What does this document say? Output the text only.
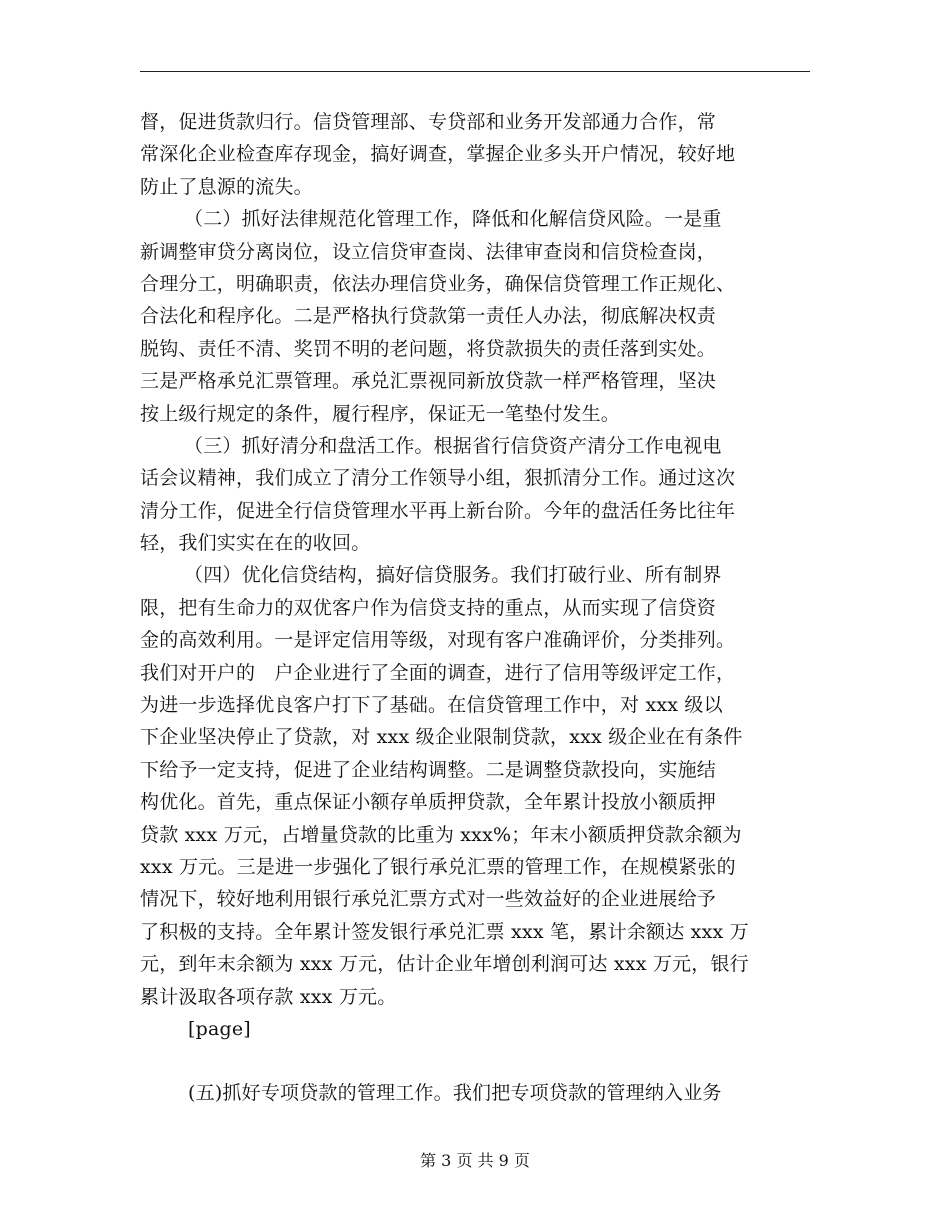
督，促进货款归行。信贷管理部、专贷部和业务开发部通力合作，常
常深化企业检查库存现金，搞好调查，掌握企业多头开户情况，较好地
防止了息源的流失。
（二）抓好法律规范化管理工作，降低和化解信贷风险。一是重
新调整审贷分离岗位，设立信贷审查岗、法律审查岗和信贷检查岗，
合理分工，明确职责，依法办理信贷业务，确保信贷管理工作正规化、
合法化和程序化。二是严格执行贷款第一责任人办法，彻底解决权责
脱钩、责任不清、奖罚不明的老问题，将贷款损失的责任落到实处。
三是严格承兑汇票管理。承兑汇票视同新放贷款一样严格管理，坚决
按上级行规定的条件，履行程序，保证无一笔垫付发生。
（三）抓好清分和盘活工作。根据省行信贷资产清分工作电视电
话会议精神，我们成立了清分工作领导小组，狠抓清分工作。通过这次
清分工作，促进全行信贷管理水平再上新台阶。今年的盘活任务比往年
轻，我们实实在在的收回。
（四）优化信贷结构，搞好信贷服务。我们打破行业、所有制界
限，把有生命力的双优客户作为信贷支持的重点，从而实现了信贷资
金的高效利用。一是评定信用等级，对现有客户准确评价，分类排列。
我们对开户的　户企业进行了全面的调查，进行了信用等级评定工作，
为进一步选择优良客户打下了基础。在信贷管理工作中，对 xxx 级以
下企业坚决停止了贷款，对 xxx 级企业限制贷款，xxx 级企业在有条件
下给予一定支持，促进了企业结构调整。二是调整贷款投向，实施结
构优化。首先，重点保证小额存单质押贷款，全年累计投放小额质押
贷款 xxx 万元，占增量贷款的比重为 xxx%；年末小额质押贷款余额为
xxx 万元。三是进一步强化了银行承兑汇票的管理工作，在规模紧张的
情况下，较好地利用银行承兑汇票方式对一些效益好的企业进展给予
了积极的支持。全年累计签发银行承兑汇票 xxx 笔，累计余额达 xxx 万
元，到年末余额为 xxx 万元，估计企业年增创利润可达 xxx 万元，银行
累计汲取各项存款 xxx 万元。
[page]
(五)抓好专项贷款的管理工作。我们把专项贷款的管理纳入业务
第 3 页 共 9 页
